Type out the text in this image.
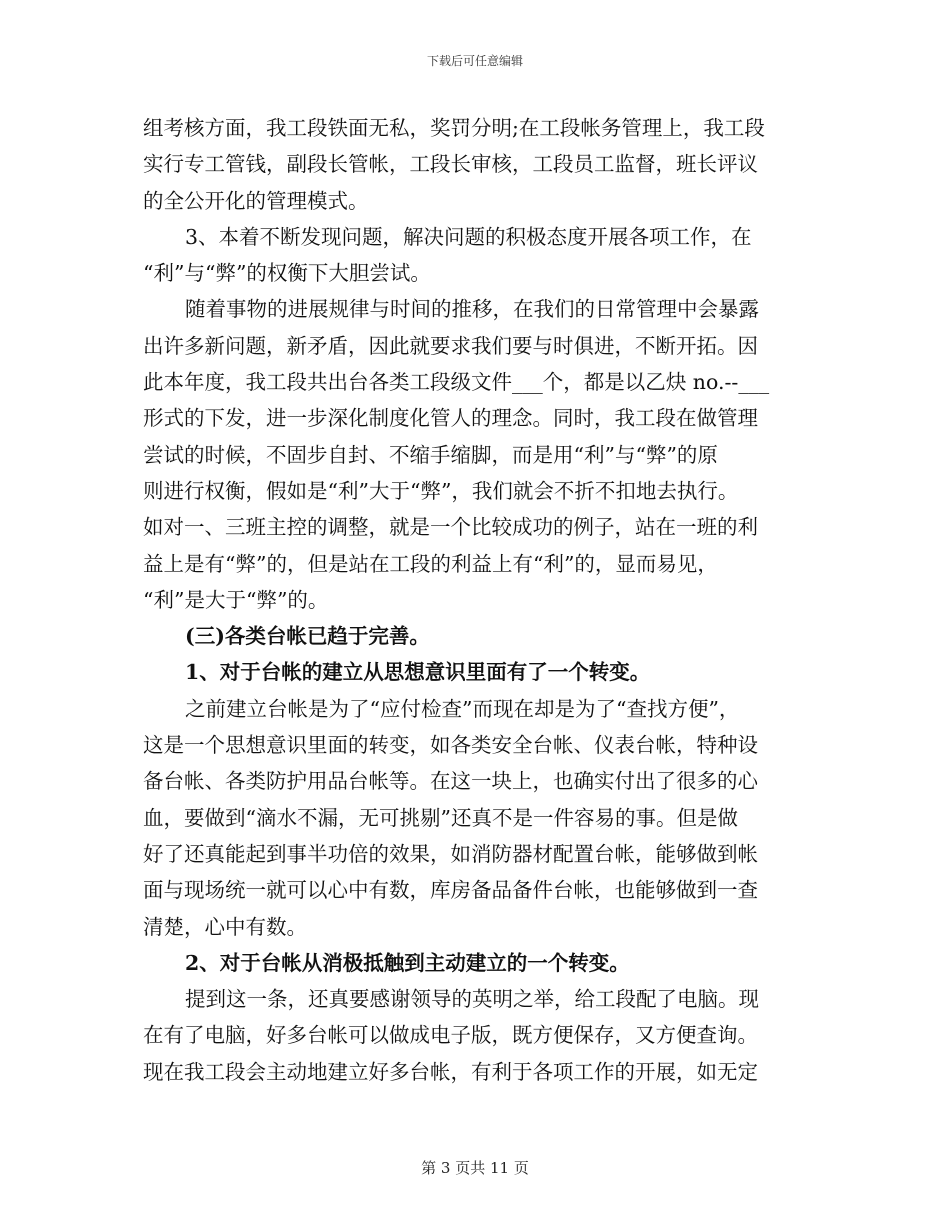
下载后可任意编辑
组考核方面，我工段铁面无私，奖罚分明;在工段帐务管理上，我工段
实行专工管钱，副段长管帐，工段长审核，工段员工监督，班长评议
的全公开化的管理模式。
3、本着不断发现问题，解决问题的积极态度开展各项工作，在
“利”与“弊”的权衡下大胆尝试。
随着事物的进展规律与时间的推移，在我们的日常管理中会暴露
出许多新问题，新矛盾，因此就要求我们要与时俱进，不断开拓。因
此本年度，我工段共出台各类工段级文件___个，都是以乙炔 no.--___
形式的下发，进一步深化制度化管人的理念。同时，我工段在做管理
尝试的时候，不固步自封、不缩手缩脚，而是用“利”与“弊”的原
则进行权衡，假如是“利”大于“弊”，我们就会不折不扣地去执行。
如对一、三班主控的调整，就是一个比较成功的例子，站在一班的利
益上是有“弊”的，但是站在工段的利益上有“利”的，显而易见，
“利”是大于“弊”的。
(三)各类台帐已趋于完善。
1、对于台帐的建立从思想意识里面有了一个转变。
之前建立台帐是为了“应付检查”而现在却是为了“查找方便”，
这是一个思想意识里面的转变，如各类安全台帐、仪表台帐，特种设
备台帐、各类防护用品台帐等。在这一块上，也确实付出了很多的心
血，要做到“滴水不漏，无可挑剔”还真不是一件容易的事。但是做
好了还真能起到事半功倍的效果，如消防器材配置台帐，能够做到帐
面与现场统一就可以心中有数，库房备品备件台帐，也能够做到一查
清楚，心中有数。
2、对于台帐从消极抵触到主动建立的一个转变。
提到这一条，还真要感谢领导的英明之举，给工段配了电脑。现
在有了电脑，好多台帐可以做成电子版，既方便保存，又方便查询。
现在我工段会主动地建立好多台帐，有利于各项工作的开展，如无定
第 3 页共 11 页
